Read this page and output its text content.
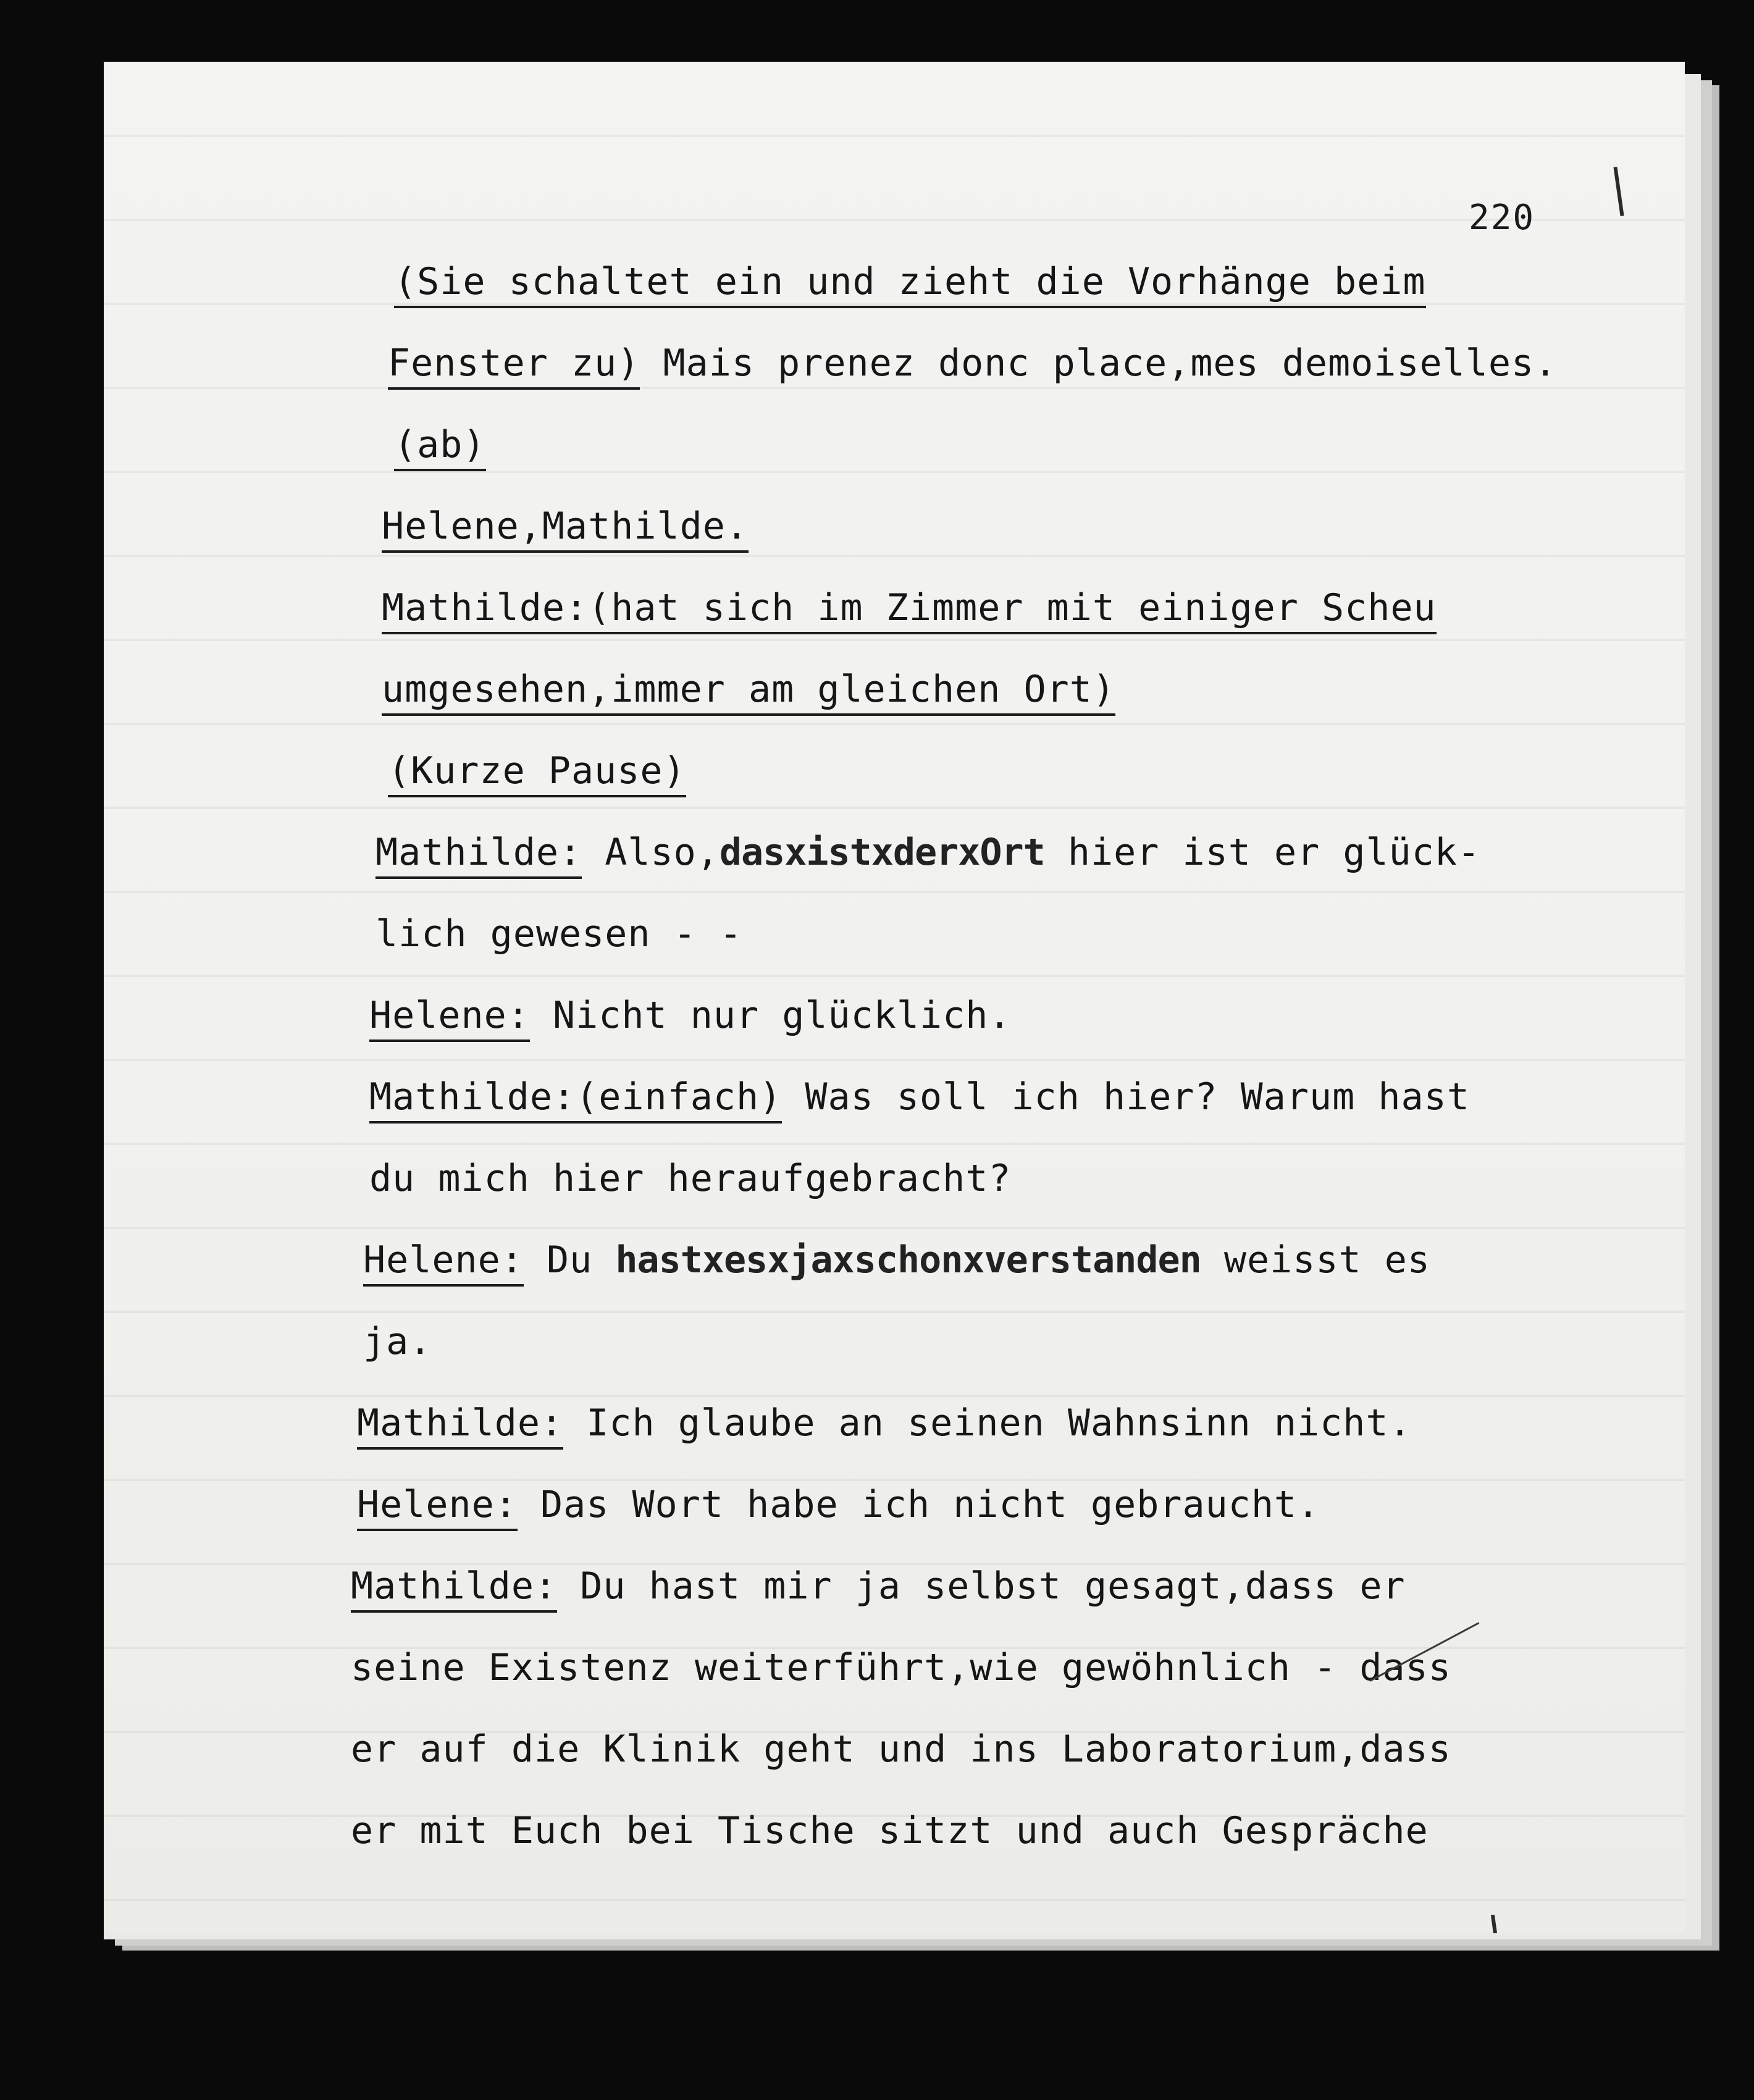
220
(Sie schaltet ein und zieht die Vorhänge beim
Fenster zu) Mais prenez donc place,mes demoiselles.
(ab)
Helene,Mathilde.
Mathilde:(hat sich im Zimmer mit einiger Scheu
umgesehen,immer am gleichen Ort)
(Kurze Pause)
Mathilde: Also,dasxistxderxOrt hier ist er glück-
lich gewesen - -
Helene: Nicht nur glücklich.
Mathilde:(einfach) Was soll ich hier? Warum hast
du mich hier heraufgebracht?
Helene: Du hastxesxjaxschonxverstanden weisst es
ja.
Mathilde: Ich glaube an seinen Wahnsinn nicht.
Helene: Das Wort habe ich nicht gebraucht.
Mathilde: Du hast mir ja selbst gesagt,dass er
seine Existenz weiterführt,wie gewöhnlich - dass
er auf die Klinik geht und ins Laboratorium,dass
er mit Euch bei Tische sitzt und auch Gespräche
